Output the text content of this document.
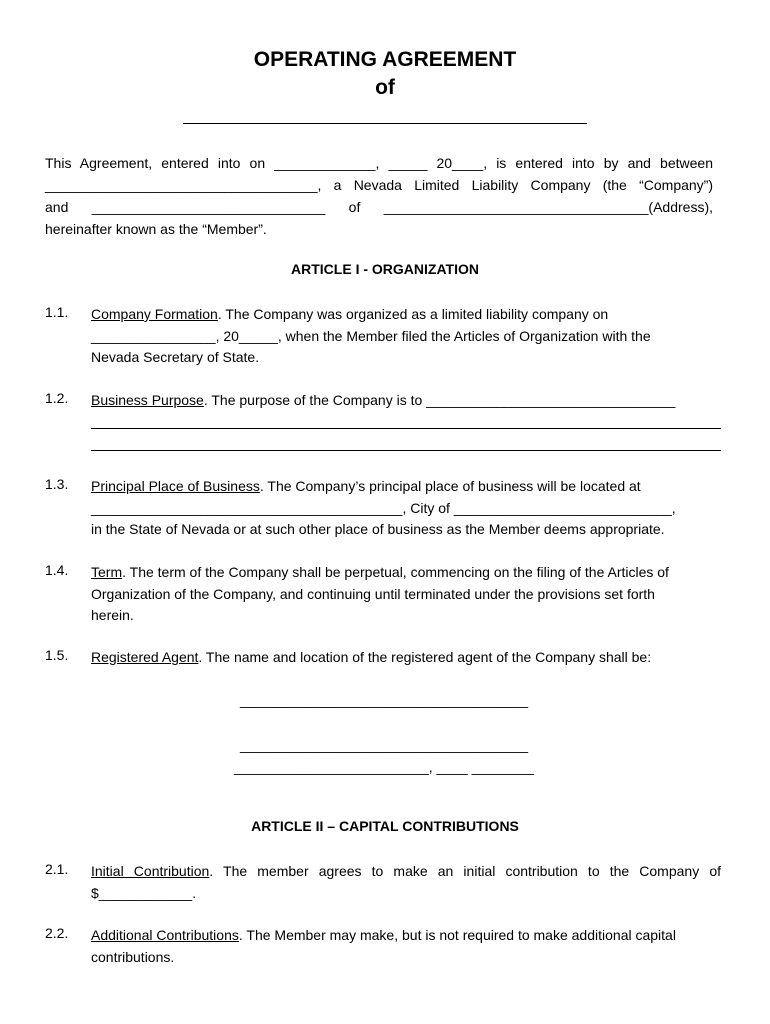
OPERATING AGREEMENT
of
This Agreement, entered into on _____________, _____ 20____, is entered into by and between
___________________________________, a Nevada Limited Liability Company (the “Company”)
and ______________________________ of __________________________________(Address),
hereinafter known as the “Member”.
ARTICLE I - ORGANIZATION
1.1. Company Formation. The Company was organized as a limited liability company on
________________, 20_____, when the Member filed the Articles of Organization with the
Nevada Secretary of State.
1.2. Business Purpose. The purpose of the Company is to ________________________________
1.3. Principal Place of Business. The Company’s principal place of business will be located at
________________________________________, City of ____________________________,
in the State of Nevada or at such other place of business as the Member deems appropriate.
1.4. Term. The term of the Company shall be perpetual, commencing on the filing of the Articles of
Organization of the Company, and continuing until terminated under the provisions set forth
herein.
1.5. Registered Agent. The name and location of the registered agent of the Company shall be:
_____________________________________
_____________________________________
_________________________, ____ ________
ARTICLE II – CAPITAL CONTRIBUTIONS
2.1. Initial Contribution. The member agrees to make an initial contribution to the Company of
$____________.
2.2. Additional Contributions. The Member may make, but is not required to make additional capital
contributions.
